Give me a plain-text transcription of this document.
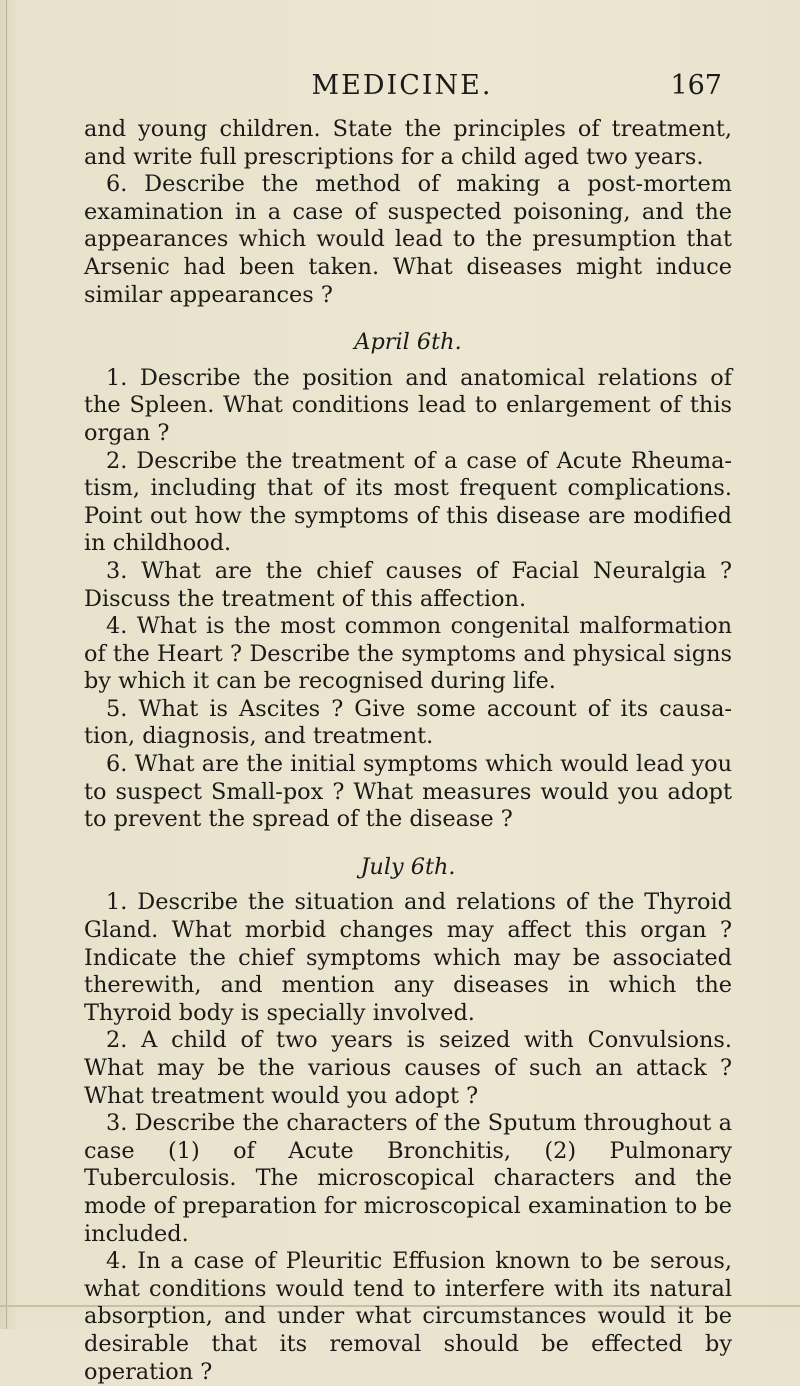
MEDICINE.	167

and young children. State the principles of treatment, and write full prescriptions for a child aged two years.

6. Describe the method of making a post-mortem examination in a case of suspected poisoning, and the appearances which would lead to the presumption that Arsenic had been taken. What diseases might induce similar appearances ?

April 6th.

1. Describe the position and anatomical relations of the Spleen. What conditions lead to enlargement of this organ ?

2. Describe the treatment of a case of Acute Rheuma- tism, including that of its most frequent complications. Point out how the symptoms of this disease are modified in childhood.

3. What are the chief causes of Facial Neuralgia ? Discuss the treatment of this affection.

4. What is the most common congenital malformation of the Heart ? Describe the symptoms and physical signs by which it can be recognised during life.

5. What is Ascites ? Give some account of its causa- tion, diagnosis, and treatment.

6. What are the initial symptoms which would lead you to suspect Small-pox ? What measures would you adopt to prevent the spread of the disease ?

July 6th.

1. Describe the situation and relations of the Thyroid Gland. What morbid changes may affect this organ ? Indicate the chief symptoms which may be associated therewith, and mention any diseases in which the Thyroid body is specially involved.

2. A child of two years is seized with Convulsions. What may be the various causes of such an attack ? What treatment would you adopt ?

3. Describe the characters of the Sputum throughout a case (1) of Acute Bronchitis, (2) Pulmonary Tuberculosis. The microscopical characters and the mode of preparation for microscopical examination to be included.

4. In a case of Pleuritic Effusion known to be serous, what conditions would tend to interfere with its natural absorption, and under what circumstances would it be desirable that its removal should be effected by operation ?
